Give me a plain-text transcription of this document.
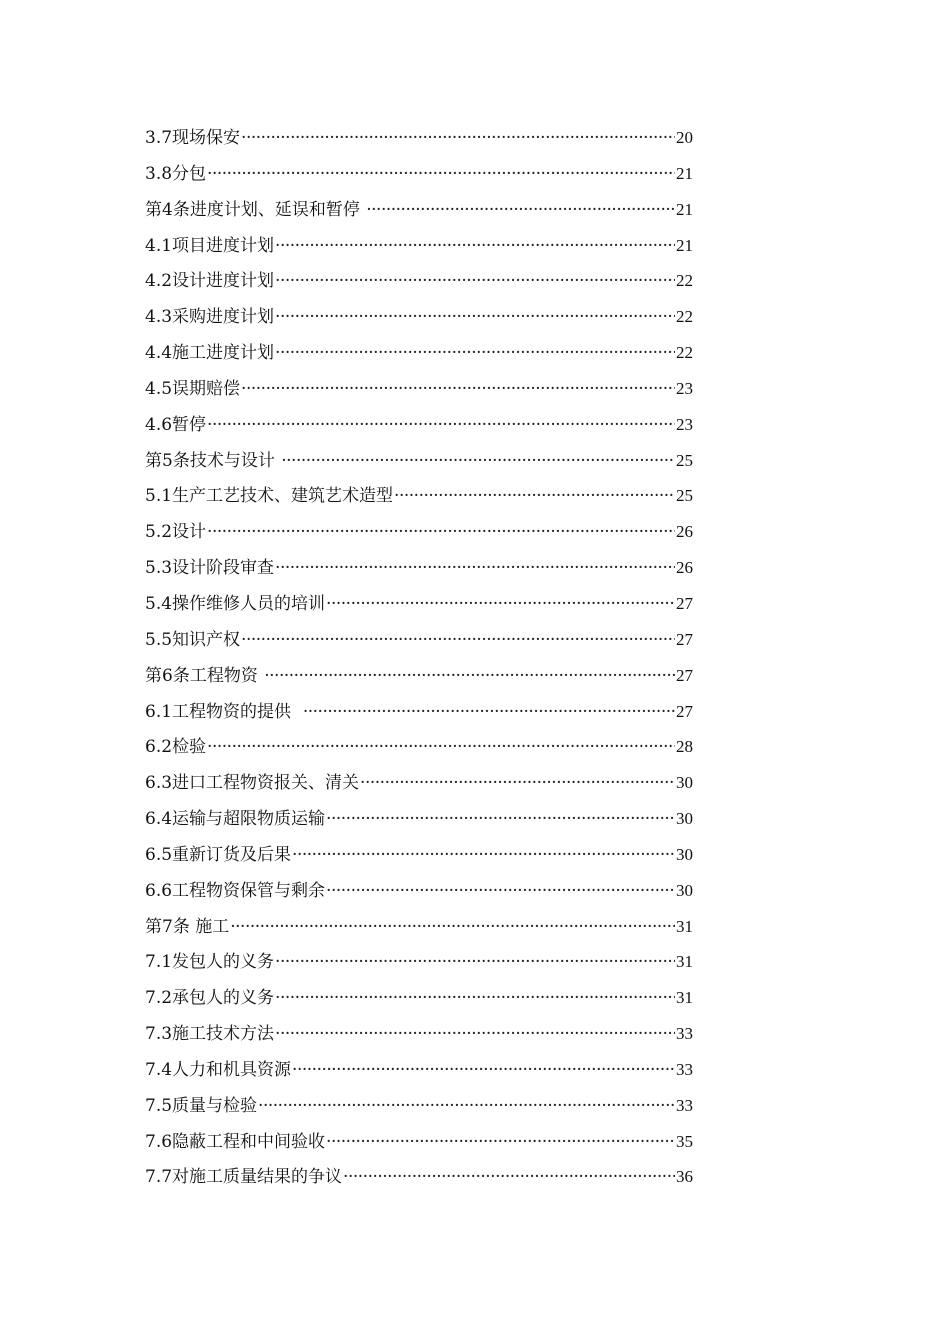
3.7现场保安 ·····	20
3.8分包 ·····	21
第4条进度计划、延误和暂停 ·····	21
4.1项目进度计划 ·····	21
4.2设计进度计划 ·····	22
4.3采购进度计划 ·····	22
4.4施工进度计划 ·····	22
4.5误期赔偿 ·····	23
4.6暂停 ·····	23
第5条技术与设计 ·····	25
5.1生产工艺技术、建筑艺术造型 ·····	25
5.2设计 ·····	26
5.3设计阶段审查 ·····	26
5.4操作维修人员的培训 ·····	27
5.5知识产权 ·····	27
第6条工程物资 ·····	27
6.1工程物资的提供 ·····	27
6.2检验 ·····	28
6.3进口工程物资报关、清关 ·····	30
6.4运输与超限物质运输 ·····	30
6.5重新订货及后果 ·····	30
6.6工程物资保管与剩余 ·····	30
第7条 施工 ·····	31
7.1发包人的义务 ·····	31
7.2承包人的义务 ·····	31
7.3施工技术方法 ·····	33
7.4人力和机具资源 ·····	33
7.5质量与检验 ·····	33
7.6隐蔽工程和中间验收 ·····	35
7.7对施工质量结果的争议 ·····	36
